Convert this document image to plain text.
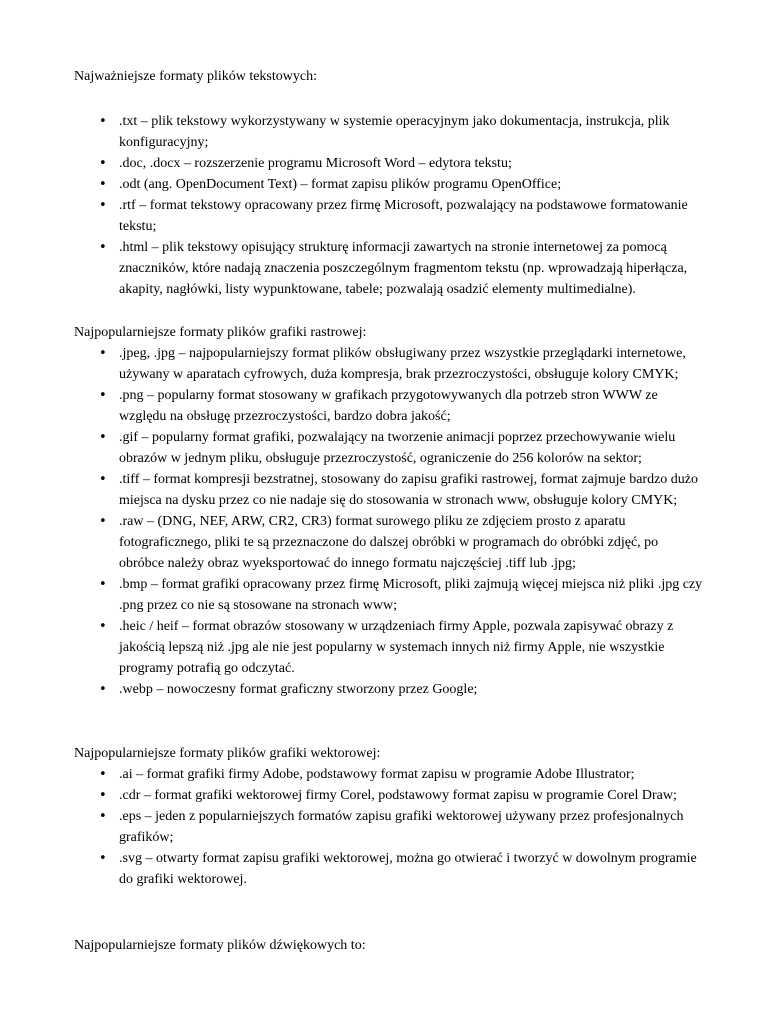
Najważniejsze formaty plików tekstowych:

• .txt – plik tekstowy wykorzystywany w systemie operacyjnym jako dokumentacja, instrukcja, plik konfiguracyjny;
• .doc, .docx – rozszerzenie programu Microsoft Word – edytora tekstu;
• .odt (ang. OpenDocument Text) – format zapisu plików programu OpenOffice;
• .rtf – format tekstowy opracowany przez firmę Microsoft, pozwalający na podstawowe formatowanie tekstu;
• .html – plik tekstowy opisujący strukturę informacji zawartych na stronie internetowej za pomocą znaczników, które nadają znaczenia poszczególnym fragmentom tekstu (np. wprowadzają hiperłącza, akapity, nagłówki, listy wypunktowane, tabele; pozwalają osadzić elementy multimedialne).

Najpopularniejsze formaty plików grafiki rastrowej:

• .jpeg, .jpg – najpopularniejszy format plików obsługiwany przez wszystkie przeglądarki internetowe, używany w aparatach cyfrowych, duża kompresja, brak przezroczystości, obsługuje kolory CMYK;
• .png – popularny format stosowany w grafikach przygotowywanych dla potrzeb stron WWW ze względu na obsługę przezroczystości, bardzo dobra jakość;
• .gif – popularny format grafiki, pozwalający na tworzenie animacji poprzez przechowywanie wielu obrazów w jednym pliku, obsługuje przezroczystość, ograniczenie do 256 kolorów na sektor;
• .tiff – format kompresji bezstratnej, stosowany do zapisu grafiki rastrowej, format zajmuje bardzo dużo miejsca na dysku przez co nie nadaje się do stosowania w stronach www, obsługuje kolory CMYK;
• .raw – (DNG, NEF, ARW, CR2, CR3) format surowego pliku ze zdjęciem prosto z aparatu fotograficznego, pliki te są przeznaczone do dalszej obróbki w programach do obróbki zdjęć, po obróbce należy obraz wyeksportować do innego formatu najczęściej .tiff lub .jpg;
• .bmp – format grafiki opracowany przez firmę Microsoft, pliki zajmują więcej miejsca niż pliki .jpg czy .png przez co nie są stosowane na stronach www;
• .heic / heif – format obrazów stosowany w urządzeniach firmy Apple, pozwala zapisywać obrazy z jakością lepszą niż .jpg ale nie jest popularny w systemach innych niż firmy Apple, nie wszystkie programy potrafią go odczytać.
• .webp – nowoczesny format graficzny stworzony przez Google;

Najpopularniejsze formaty plików grafiki wektorowej:

• .ai – format grafiki firmy Adobe, podstawowy format zapisu w programie Adobe Illustrator;
• .cdr – format grafiki wektorowej firmy Corel, podstawowy format zapisu w programie Corel Draw;
• .eps – jeden z popularniejszych formatów zapisu grafiki wektorowej używany przez profesjonalnych grafików;
• .svg – otwarty format zapisu grafiki wektorowej, można go otwierać i tworzyć w dowolnym programie do grafiki wektorowej.

Najpopularniejsze formaty plików dźwiękowych to:
